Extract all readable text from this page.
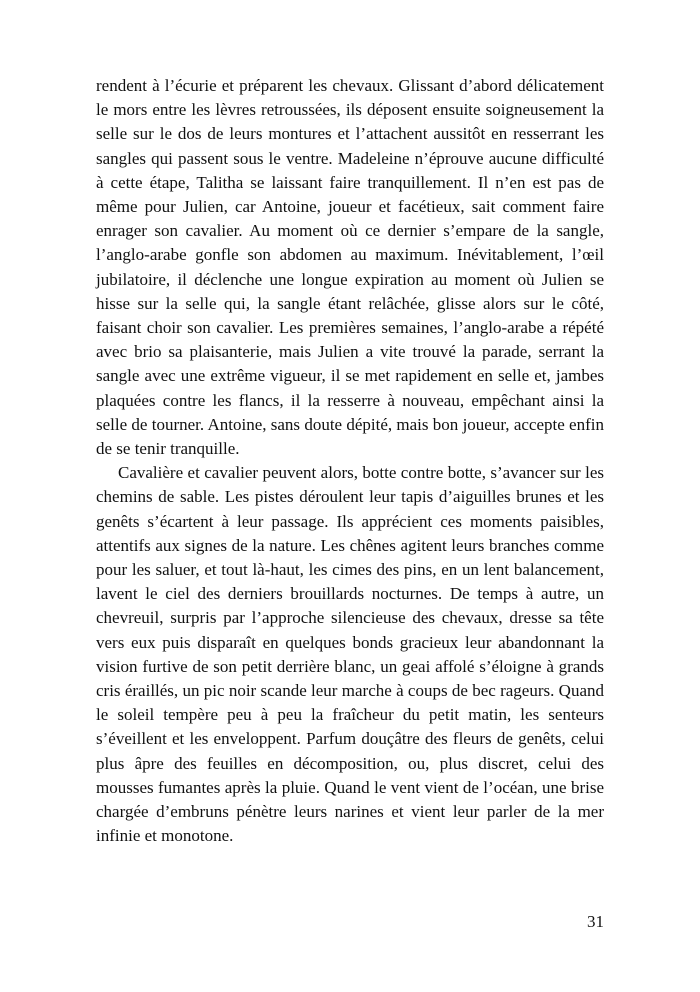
rendent à l’écurie et préparent les chevaux. Glissant d’abord délicatement le mors entre les lèvres retroussées, ils déposent ensuite soigneusement la selle sur le dos de leurs montures et l’attachent aussitôt en resserrant les sangles qui passent sous le ventre. Madeleine n’éprouve aucune difficulté à cette étape, Talitha se laissant faire tranquillement. Il n’en est pas de même pour Julien, car Antoine, joueur et facétieux, sait comment faire enrager son cavalier. Au moment où ce dernier s’empare de la sangle, l’anglo-arabe gonfle son abdomen au maximum. Inévitablement, l’œil jubilatoire, il déclenche une longue expiration au moment où Julien se hisse sur la selle qui, la sangle étant relâchée, glisse alors sur le côté, faisant choir son cavalier. Les premières semaines, l’anglo-arabe a répété avec brio sa plaisanterie, mais Julien a vite trouvé la parade, serrant la sangle avec une extrême vigueur, il se met rapidement en selle et, jambes plaquées contre les flancs, il la resserre à nouveau, empêchant ainsi la selle de tourner. Antoine, sans doute dépité, mais bon joueur, accepte enfin de se tenir tranquille.

Cavalière et cavalier peuvent alors, botte contre botte, s’avancer sur les chemins de sable. Les pistes déroulent leur tapis d’aiguilles brunes et les genêts s’écartent à leur passage. Ils apprécient ces moments paisibles, attentifs aux signes de la nature. Les chênes agitent leurs branches comme pour les saluer, et tout là-haut, les cimes des pins, en un lent balancement, lavent le ciel des derniers brouillards nocturnes. De temps à autre, un chevreuil, surpris par l’approche silencieuse des chevaux, dresse sa tête vers eux puis disparaît en quelques bonds gracieux leur abandonnant la vision furtive de son petit derrière blanc, un geai affolé s’éloigne à grands cris éraillés, un pic noir scande leur marche à coups de bec rageurs. Quand le soleil tempère peu à peu la fraîcheur du petit matin, les senteurs s’éveillent et les enveloppent. Parfum douçâtre des fleurs de genêts, celui plus âpre des feuilles en décomposition, ou, plus discret, celui des mousses fumantes après la pluie. Quand le vent vient de l’océan, une brise chargée d’embruns pénètre leurs narines et vient leur parler de la mer infinie et monotone.

31
